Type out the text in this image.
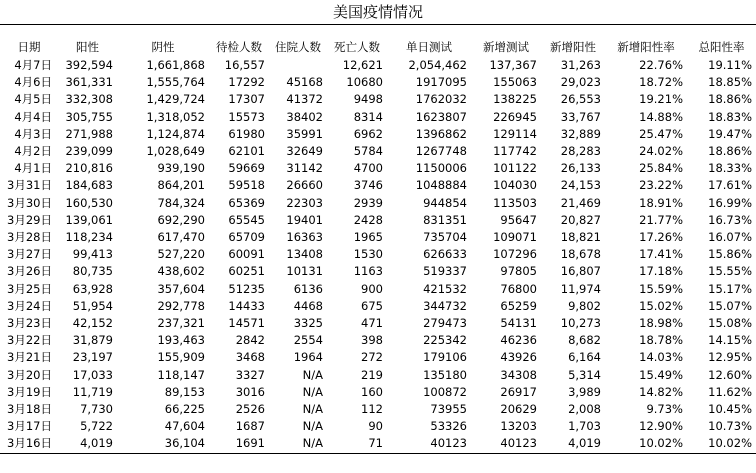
美国疫情情况
日期	阳性	阴性	待检人数	住院人数	死亡人数	单日测试	新增测试	新增阳性	新增阳性率	总阳性率
4月7日	392,594	1,661,868	16,557		12,621	2,054,462	137,367	31,263	22.76%	19.11%
4月6日	361,331	1,555,764	17292	45168	10680	1917095	155063	29,023	18.72%	18.85%
4月5日	332,308	1,429,724	17307	41372	9498	1762032	138225	26,553	19.21%	18.86%
4月4日	305,755	1,318,052	15573	38402	8314	1623807	226945	33,767	14.88%	18.83%
4月3日	271,988	1,124,874	61980	35991	6962	1396862	129114	32,889	25.47%	19.47%
4月2日	239,099	1,028,649	62101	32649	5784	1267748	117742	28,283	24.02%	18.86%
4月1日	210,816	939,190	59669	31142	4700	1150006	101122	26,133	25.84%	18.33%
3月31日	184,683	864,201	59518	26660	3746	1048884	104030	24,153	23.22%	17.61%
3月30日	160,530	784,324	65369	22303	2939	944854	113503	21,469	18.91%	16.99%
3月29日	139,061	692,290	65545	19401	2428	831351	95647	20,827	21.77%	16.73%
3月28日	118,234	617,470	65709	16363	1965	735704	109071	18,821	17.26%	16.07%
3月27日	99,413	527,220	60091	13408	1530	626633	107296	18,678	17.41%	15.86%
3月26日	80,735	438,602	60251	10131	1163	519337	97805	16,807	17.18%	15.55%
3月25日	63,928	357,604	51235	6136	900	421532	76800	11,974	15.59%	15.17%
3月24日	51,954	292,778	14433	4468	675	344732	65259	9,802	15.02%	15.07%
3月23日	42,152	237,321	14571	3325	471	279473	54131	10,273	18.98%	15.08%
3月22日	31,879	193,463	2842	2554	398	225342	46236	8,682	18.78%	14.15%
3月21日	23,197	155,909	3468	1964	272	179106	43926	6,164	14.03%	12.95%
3月20日	17,033	118,147	3327	N/A	219	135180	34308	5,314	15.49%	12.60%
3月19日	11,719	89,153	3016	N/A	160	100872	26917	3,989	14.82%	11.62%
3月18日	7,730	66,225	2526	N/A	112	73955	20629	2,008	9.73%	10.45%
3月17日	5,722	47,604	1687	N/A	90	53326	13203	1,703	12.90%	10.73%
3月16日	4,019	36,104	1691	N/A	71	40123	40123	4,019	10.02%	10.02%
